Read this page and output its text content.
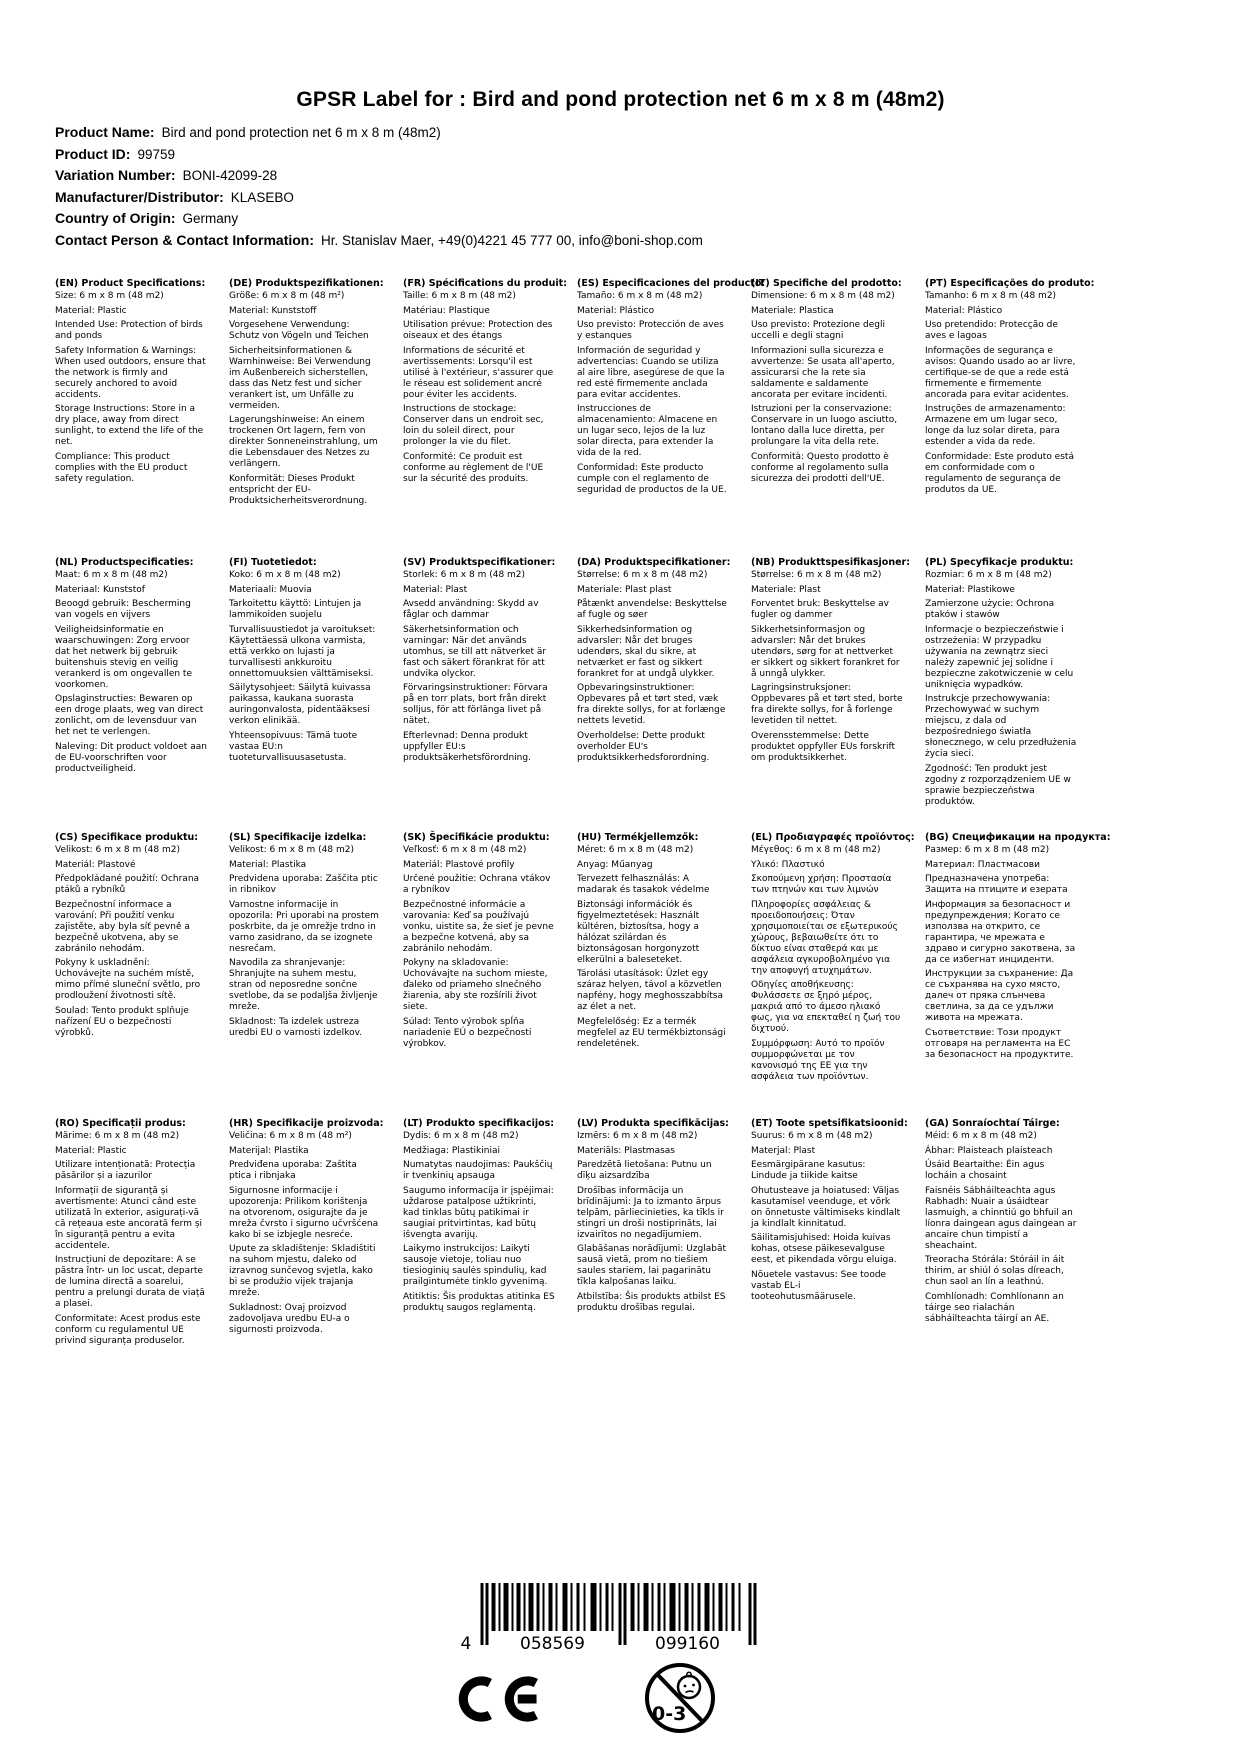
GPSR Label for : Bird and pond protection net 6 m x 8 m (48m2)
Product Name: Bird and pond protection net 6 m x 8 m (48m2)
Product ID: 99759
Variation Number: BONI-42099-28
Manufacturer/Distributor: KLASEBO
Country of Origin: Germany
Contact Person & Contact Information: Hr. Stanislav Maer, +49(0)4221 45 777 00, info@boni-shop.com
(EN) Product Specifications:

Size: 6 m x 8 m (48 m2)

Material: Plastic

Intended Use: Protection of birds and ponds

Safety Information & Warnings: When used outdoors, ensure that the network is firmly and securely anchored to avoid accidents.

Storage Instructions: Store in a dry place, away from direct sunlight, to extend the life of the net.

Compliance: This product complies with the EU product safety regulation.

(DE) Produktspezifikationen:

Größe: 6 m x 8 m (48 m²)

Material: Kunststoff

Vorgesehene Verwendung: Schutz von Vögeln und Teichen

Sicherheitsinformationen & Warnhinweise: Bei Verwendung im Außenbereich sicherstellen, dass das Netz fest und sicher verankert ist, um Unfälle zu vermeiden.

Lagerungshinweise: An einem trockenen Ort lagern, fern von direkter Sonneneinstrahlung, um die Lebensdauer des Netzes zu verlängern.

Konformität: Dieses Produkt entspricht der EU-Produktsicherheitsverordnung.

(FR) Spécifications du produit:

Taille: 6 m x 8 m (48 m2)

Matériau: Plastique

Utilisation prévue: Protection des oiseaux et des étangs

Informations de sécurité et avertissements: Lorsqu'il est utilisé à l'extérieur, s'assurer que le réseau est solidement ancré pour éviter les accidents.

Instructions de stockage: Conserver dans un endroit sec, loin du soleil direct, pour prolonger la vie du filet.

Conformité: Ce produit est conforme au règlement de l'UE sur la sécurité des produits.

(ES) Especificaciones del producto:

Tamaño: 6 m x 8 m (48 m2)

Material: Plástico

Uso previsto: Protección de aves y estanques

Información de seguridad y advertencias: Cuando se utiliza al aire libre, asegúrese de que la red esté firmemente anclada para evitar accidentes.

Instrucciones de almacenamiento: Almacene en un lugar seco, lejos de la luz solar directa, para extender la vida de la red.

Conformidad: Este producto cumple con el reglamento de seguridad de productos de la UE.

(IT) Specifiche del prodotto:

Dimensione: 6 m x 8 m (48 m2)

Materiale: Plastica

Uso previsto: Protezione degli uccelli e degli stagni

Informazioni sulla sicurezza e avvertenze: Se usata all'aperto, assicurarsi che la rete sia saldamente e saldamente ancorata per evitare incidenti.

Istruzioni per la conservazione: Conservare in un luogo asciutto, lontano dalla luce diretta, per prolungare la vita della rete.

Conformità: Questo prodotto è conforme al regolamento sulla sicurezza dei prodotti dell'UE.

(PT) Especificações do produto:

Tamanho: 6 m x 8 m (48 m2)

Material: Plástico

Uso pretendido: Protecção de aves e lagoas

Informações de segurança e avisos: Quando usado ao ar livre, certifique-se de que a rede está firmemente e firmemente ancorada para evitar acidentes.

Instruções de armazenamento: Armazene em um lugar seco, longe da luz solar direta, para estender a vida da rede.

Conformidade: Este produto está em conformidade com o regulamento de segurança de produtos da UE.

(NL) Productspecificaties:

Maat: 6 m x 8 m (48 m2)

Materiaal: Kunststof

Beoogd gebruik: Bescherming van vogels en vijvers

Veiligheidsinformatie en waarschuwingen: Zorg ervoor dat het netwerk bij gebruik buitenshuis stevig en veilig verankerd is om ongevallen te voorkomen.

Opslaginstructies: Bewaren op een droge plaats, weg van direct zonlicht, om de levensduur van het net te verlengen.

Naleving: Dit product voldoet aan de EU-voorschriften voor productveiligheid.

(FI) Tuotetiedot:

Koko: 6 m x 8 m (48 m2)

Materiaali: Muovia

Tarkoitettu käyttö: Lintujen ja lammikoiden suojelu

Turvallisuustiedot ja varoitukset: Käytettäessä ulkona varmista, että verkko on lujasti ja turvallisesti ankkuroitu onnettomuuksien välttämiseksi.

Säilytysohjeet: Säilytä kuivassa paikassa, kaukana suorasta auringonvalosta, pidentääksesi verkon elinikää.

Yhteensopivuus: Tämä tuote vastaa EU:n tuoteturvallisuusasetusta.

(SV) Produktspecifikationer:

Storlek: 6 m x 8 m (48 m2)

Material: Plast

Avsedd användning: Skydd av fåglar och dammar

Säkerhetsinformation och varningar: När det används utomhus, se till att nätverket är fast och säkert förankrat för att undvika olyckor.

Förvaringsinstruktioner: Förvara på en torr plats, bort från direkt solljus, för att förlänga livet på nätet.

Efterlevnad: Denna produkt uppfyller EU:s produktsäkerhetsförordning.

(DA) Produktspecifikationer:

Størrelse: 6 m x 8 m (48 m2)

Materiale: Plast plast

Påtænkt anvendelse: Beskyttelse af fugle og søer

Sikkerhedsinformation og advarsler: Når det bruges udendørs, skal du sikre, at netværket er fast og sikkert forankret for at undgå ulykker.

Opbevaringsinstruktioner: Opbevares på et tørt sted, væk fra direkte sollys, for at forlænge nettets levetid.

Overholdelse: Dette produkt overholder EU's produktsikkerhedsforordning.

(NB) Produkttspesifikasjoner:

Størrelse: 6 m x 8 m (48 m2)

Materiale: Plast

Forventet bruk: Beskyttelse av fugler og dammer

Sikkerhetsinformasjon og advarsler: Når det brukes utendørs, sørg for at nettverket er sikkert og sikkert forankret for å unngå ulykker.

Lagringsinstruksjoner: Oppbevares på et tørt sted, borte fra direkte sollys, for å forlenge levetiden til nettet.

Overensstemmelse: Dette produktet oppfyller EUs forskrift om produktsikkerhet.

(PL) Specyfikacje produktu:

Rozmiar: 6 m x 8 m (48 m2)

Materiał: Plastikowe

Zamierzone użycie: Ochrona ptaków i stawów

Informacje o bezpieczeństwie i ostrzeżenia: W przypadku używania na zewnątrz sieci należy zapewnić jej solidne i bezpieczne zakotwiczenie w celu uniknięcia wypadków.

Instrukcje przechowywania: Przechowywać w suchym miejscu, z dala od bezpośredniego światła słonecznego, w celu przedłużenia życia sieci.

Zgodność: Ten produkt jest zgodny z rozporządzeniem UE w sprawie bezpieczeństwa produktów.

(CS) Specifikace produktu:

Velikost: 6 m x 8 m (48 m2)

Materiál: Plastové

Předpokládané použití: Ochrana ptáků a rybníků

Bezpečnostní informace a varování: Při použití venku zajistěte, aby byla síť pevně a bezpečně ukotvena, aby se zabránilo nehodám.

Pokyny k uskladnění: Uchovávejte na suchém místě, mimo přímé sluneční světlo, pro prodloužení životnosti sítě.

Soulad: Tento produkt splňuje nařízení EU o bezpečnosti výrobků.

(SL) Specifikacije izdelka:

Velikost: 6 m x 8 m (48 m2)

Material: Plastika

Predvidena uporaba: Zaščita ptic in ribnikov

Varnostne informacije in opozorila: Pri uporabi na prostem poskrbite, da je omrežje trdno in varno zasidrano, da se izognete nesrečam.

Navodila za shranjevanje: Shranjujte na suhem mestu, stran od neposredne sončne svetlobe, da se podaljša življenje mreže.

Skladnost: Ta izdelek ustreza uredbi EU o varnosti izdelkov.

(SK) Špecifikácie produktu:

Veľkosť: 6 m x 8 m (48 m2)

Materiál: Plastové profily

Určené použitie: Ochrana vtákov a rybníkov

Bezpečnostné informácie a varovania: Keď sa používajú vonku, uistite sa, že sieť je pevne a bezpečne kotvená, aby sa zabránilo nehodám.

Pokyny na skladovanie: Uchovávajte na suchom mieste, ďaleko od priameho slnečného žiarenia, aby ste rozšírili život siete.

Súlad: Tento výrobok spĺňa nariadenie EÚ o bezpečnosti výrobkov.

(HU) Termékjellemzők:

Méret: 6 m x 8 m (48 m2)

Anyag: Műanyag

Tervezett felhasználás: A madarak és tasakok védelme

Biztonsági információk és figyelmeztetések: Használt kültéren, biztosítsa, hogy a hálózat szilárdan és biztonságosan horgonyzott elkerülni a baleseteket.

Tárolási utasítások: Üzlet egy száraz helyen, távol a közvetlen napfény, hogy meghosszabbítsa az élet a net.

Megfelelőség: Ez a termék megfelel az EU termékbiztonsági rendeletének.

(EL) Προδιαγραφές προϊόντος:

Μέγεθος: 6 m x 8 m (48 m2)

Υλικό: Πλαστικό

Σκοπούμενη χρήση: Προστασία των πτηνών και των λιμνών

Πληροφορίες ασφάλειας & προειδοποιήσεις: Όταν χρησιμοποιείται σε εξωτερικούς χώρους, βεβαιωθείτε ότι το δίκτυο είναι σταθερά και με ασφάλεια αγκυροβολημένο για την αποφυγή ατυχημάτων.

Οδηγίες αποθήκευσης: Φυλάσσετε σε ξηρό μέρος, μακριά από το άμεσο ηλιακό φως, για να επεκταθεί η ζωή του διχτυού.

Συμμόρφωση: Αυτό το προϊόν συμμορφώνεται με τον κανονισμό της ΕΕ για την ασφάλεια των προϊόντων.

(BG) Спецификации на продукта:

Размер: 6 m x 8 m (48 m2)

Материал: Пластмасови

Предназначена употреба: Защита на птиците и езерата

Информация за безопасност и предупреждения: Когато се използва на открито, се гарантира, че мрежата е здраво и сигурно закотвена, за да се избегнат инциденти.

Инструкции за съхранение: Да се съхранява на сухо място, далеч от пряка слънчева светлина, за да се удължи живота на мрежата.

Съответствие: Този продукт отговаря на регламента на ЕС за безопасност на продуктите.

(RO) Specificații produs:

Mărime: 6 m x 8 m (48 m2)

Material: Plastic

Utilizare intenționată: Protecția păsărilor și a iazurilor

Informații de siguranță și avertismente: Atunci când este utilizată în exterior, asigurați-vă că rețeaua este ancorată ferm și în siguranță pentru a evita accidentele.

Instrucțiuni de depozitare: A se păstra într- un loc uscat, departe de lumina directă a soarelui, pentru a prelungi durata de viață a plasei.

Conformitate: Acest produs este conform cu regulamentul UE privind siguranța produselor.

(HR) Specifikacije proizvoda:

Veličina: 6 m x 8 m (48 m²)

Materijal: Plastika

Predviđena uporaba: Zaštita ptica i ribnjaka

Sigurnosne informacije i upozorenja: Prilikom korištenja na otvorenom, osigurajte da je mreža čvrsto i sigurno učvršćena kako bi se izbjegle nesreće.

Upute za skladištenje: Skladištiti na suhom mjestu, daleko od izravnog sunčevog svjetla, kako bi se produžio vijek trajanja mreže.

Sukladnost: Ovaj proizvod zadovoljava uredbu EU-a o sigurnosti proizvoda.

(LT) Produkto specifikacijos:

Dydis: 6 m x 8 m (48 m2)

Medžiaga: Plastikiniai

Numatytas naudojimas: Paukščių ir tvenkinių apsauga

Saugumo informacija ir įspėjimai: uždarose patalpose užtikrinti, kad tinklas būtų patikimai ir saugiai pritvirtintas, kad būtų išvengta avarijų.

Laikymo instrukcijos: Laikyti sausoje vietoje, toliau nuo tiesioginių saulės spindulių, kad prailgintumėte tinklo gyvenimą.

Atitiktis: Šis produktas atitinka ES produktų saugos reglamentą.

(LV) Produkta specifikācijas:

Izmērs: 6 m x 8 m (48 m2)

Materiāls: Plastmasas

Paredzētā lietošana: Putnu un dīķu aizsardzība

Drošības informācija un brīdinājumi: Ja to izmanto ārpus telpām, pārliecinieties, ka tīkls ir stingri un droši nostiprināts, lai izvairītos no negadījumiem.

Glabāšanas norādījumi: Uzglabāt sausā vietā, prom no tiešiem saules stariem, lai pagarinātu tīkla kalpošanas laiku.

Atbilstība: Šis produkts atbilst ES produktu drošības regulai.

(ET) Toote spetsifikatsioonid:

Suurus: 6 m x 8 m (48 m2)

Materjal: Plast

Eesmärgipärane kasutus: Lindude ja tiikide kaitse

Ohutusteave ja hoiatused: Väljas kasutamisel veenduge, et võrk on õnnetuste vältimiseks kindlalt ja kindlalt kinnitatud.

Säilitamisjuhised: Hoida kuivas kohas, otsese päikesevalguse eest, et pikendada võrgu eluiga.

Nõuetele vastavus: See toode vastab EL-i tooteohutusmäärusele.

(GA) Sonraíochtaí Táirge:

Méid: 6 m x 8 m (48 m2)

Ábhar: Plaisteach plaisteach

Úsáid Beartaithe: Éin agus locháin a chosaint

Faisnéis Sábháilteachta agus Rabhadh: Nuair a úsáidtear lasmuigh, a chinntiú go bhfuil an líonra daingean agus daingean ar ancaire chun timpistí a sheachaint.

Treoracha Stórála: Stóráil in áit thirim, ar shiúl ó solas díreach, chun saol an lín a leathnú.

Comhlíonadh: Comhlíonann an táirge seo rialachán sábháilteachta táirgí an AE.

4	058569	099160
0-3
